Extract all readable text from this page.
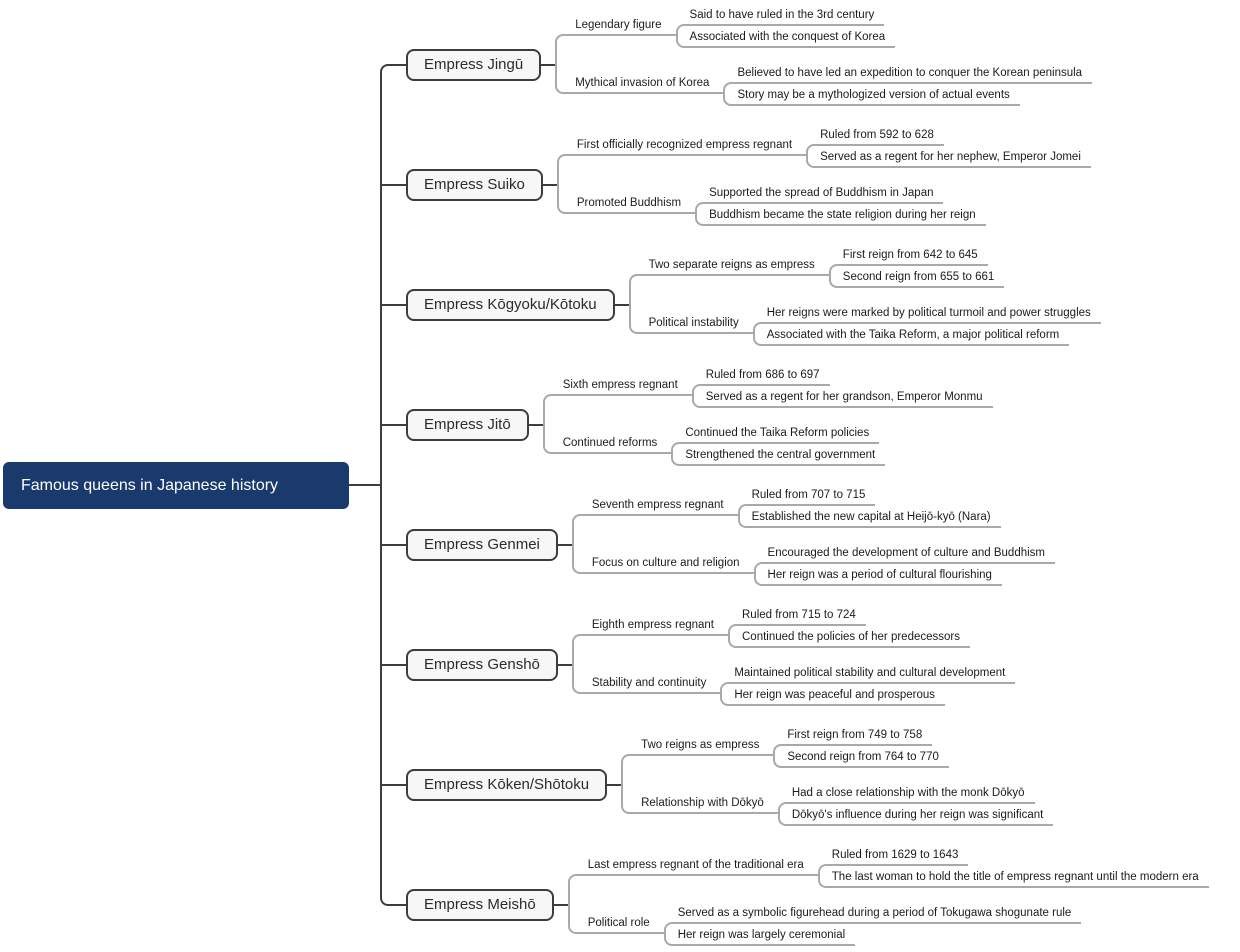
Famous queens in Japanese history
Empress Jingū
Legendary figure
Said to have ruled in the 3rd century
Associated with the conquest of Korea
Mythical invasion of Korea
Believed to have led an expedition to conquer the Korean peninsula
Story may be a mythologized version of actual events
Empress Suiko
First officially recognized empress regnant
Ruled from 592 to 628
Served as a regent for her nephew, Emperor Jomei
Promoted Buddhism
Supported the spread of Buddhism in Japan
Buddhism became the state religion during her reign
Empress Kōgyoku/Kōtoku
Two separate reigns as empress
First reign from 642 to 645
Second reign from 655 to 661
Political instability
Her reigns were marked by political turmoil and power struggles
Associated with the Taika Reform, a major political reform
Empress Jitō
Sixth empress regnant
Ruled from 686 to 697
Served as a regent for her grandson, Emperor Monmu
Continued reforms
Continued the Taika Reform policies
Strengthened the central government
Empress Genmei
Seventh empress regnant
Ruled from 707 to 715
Established the new capital at Heijō-kyō (Nara)
Focus on culture and religion
Encouraged the development of culture and Buddhism
Her reign was a period of cultural flourishing
Empress Genshō
Eighth empress regnant
Ruled from 715 to 724
Continued the policies of her predecessors
Stability and continuity
Maintained political stability and cultural development
Her reign was peaceful and prosperous
Empress Kōken/Shōtoku
Two reigns as empress
First reign from 749 to 758
Second reign from 764 to 770
Relationship with Dōkyō
Had a close relationship with the monk Dōkyō
Dōkyō's influence during her reign was significant
Empress Meishō
Last empress regnant of the traditional era
Ruled from 1629 to 1643
The last woman to hold the title of empress regnant until the modern era
Political role
Served as a symbolic figurehead during a period of Tokugawa shogunate rule
Her reign was largely ceremonial
